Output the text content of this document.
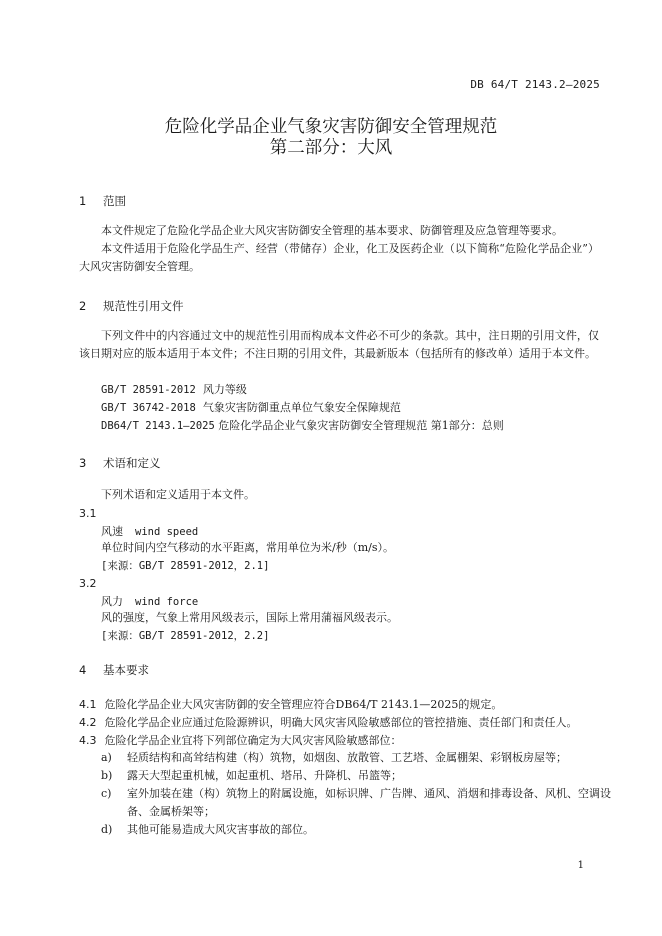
DB 64/T 2143.2—2025
危险化学品企业气象灾害防御安全管理规范
第二部分：大风
1 范围
本文件规定了危险化学品企业大风灾害防御安全管理的基本要求、防御管理及应急管理等要求。
本文件适用于危险化学品生产、经营（带储存）企业，化工及医药企业（以下简称“危险化学品企业”）大风灾害防御安全管理。
2 规范性引用文件
下列文件中的内容通过文中的规范性引用而构成本文件必不可少的条款。其中，注日期的引用文件，仅该日期对应的版本适用于本文件；不注日期的引用文件，其最新版本（包括所有的修改单）适用于本文件。
GB/T 28591-2012 风力等级
GB/T 36742-2018 气象灾害防御重点单位气象安全保障规范
DB64/T 2143.1—2025 危险化学品企业气象灾害防御安全管理规范 第1部分：总则
3 术语和定义
下列术语和定义适用于本文件。
3.1
风速 wind speed
单位时间内空气移动的水平距离，常用单位为米/秒（m/s）。
[来源：GB/T 28591-2012，2.1]
3.2
风力 wind force
风的强度，气象上常用风级表示，国际上常用蒲福风级表示。
[来源：GB/T 28591-2012，2.2]
4 基本要求
4.1 危险化学品企业大风灾害防御的安全管理应符合DB64/T 2143.1—2025的规定。
4.2 危险化学品企业应通过危险源辨识，明确大风灾害风险敏感部位的管控措施、责任部门和责任人。
4.3 危险化学品企业宜将下列部位确定为大风灾害风险敏感部位：
a)	轻质结构和高耸结构建（构）筑物，如烟囱、放散管、工艺塔、金属棚架、彩钢板房屋等；
b)	露天大型起重机械，如起重机、塔吊、升降机、吊篮等；
c)	室外加装在建（构）筑物上的附属设施，如标识牌、广告牌、通风、消烟和排毒设备、风机、空调设备、金属桥架等；
d)	其他可能易造成大风灾害事故的部位。
1
